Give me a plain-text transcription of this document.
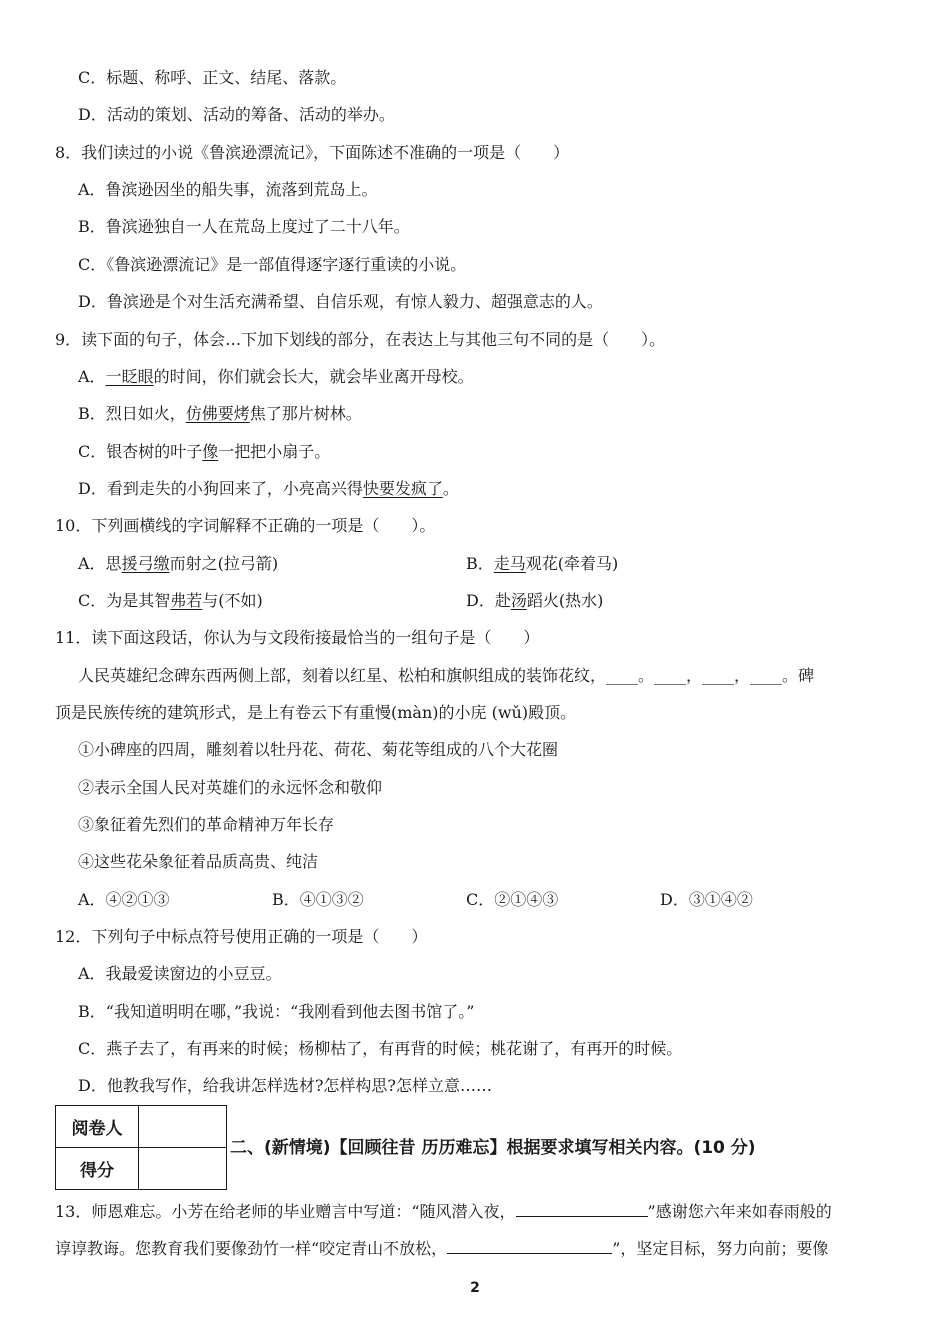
C．标题、称呼、正文、结尾、落款。
D．活动的策划、活动的筹备、活动的举办。
8．我们读过的小说《鲁滨逊漂流记》，下面陈述不准确的一项是（　　）
A．鲁滨逊因坐的船失事，流落到荒岛上。
B．鲁滨逊独自一人在荒岛上度过了二十八年。
C．《鲁滨逊漂流记》是一部值得逐字逐行重读的小说。
D．鲁滨逊是个对生活充满希望、自信乐观，有惊人毅力、超强意志的人。
9．读下面的句子，体会…下加下划线的部分，在表达上与其他三句不同的是（　　）。
A．一眨眼的时间，你们就会长大，就会毕业离开母校。
B．烈日如火，仿佛要烤焦了那片树林。
C．银杏树的叶子像一把把小扇子。
D．看到走失的小狗回来了，小亮高兴得快要发疯了。
10．下列画横线的字词解释不正确的一项是（　　）。
A．思援弓缴而射之(拉弓箭)	B．走马观花(牵着马)
C．为是其智弗若与(不如)	D．赴汤蹈火(热水)
11．读下面这段话，你认为与文段衔接最恰当的一组句子是（　　）
人民英雄纪念碑东西两侧上部，刻着以红星、松柏和旗帜组成的装饰花纹，____。____，____，____。碑
顶是民族传统的建筑形式，是上有卷云下有重慢(màn)的小庑 (wǔ)殿顶。
①小碑座的四周，雕刻着以牡丹花、荷花、菊花等组成的八个大花圈
②表示全国人民对英雄们的永远怀念和敬仰
③象征着先烈们的革命精神万年长存
④这些花朵象征着品质高贵、纯洁
A．④②①③	B．④①③②	C．②①④③	D．③①④②
12．下列句子中标点符号使用正确的一项是（　　）
A．我最爱读窗边的小豆豆。
B．“我知道明明在哪，”我说：“我刚看到他去图书馆了。”
C．燕子去了，有再来的时候；杨柳枯了，有再背的时候；桃花谢了，有再开的时候。
D．他教我写作，给我讲怎样选材?怎样构思?怎样立意……
阅卷人	
得分	
二、(新情境)【回顾往昔 历历难忘】根据要求填写相关内容。(10 分)
13．师恩难忘。小芳在给老师的毕业赠言中写道：“随风潜入夜，	”感谢您六年来如春雨般的
谆谆教诲。您教育我们要像劲竹一样“咬定青山不放松，	”，坚定目标，努力向前；要像
2
